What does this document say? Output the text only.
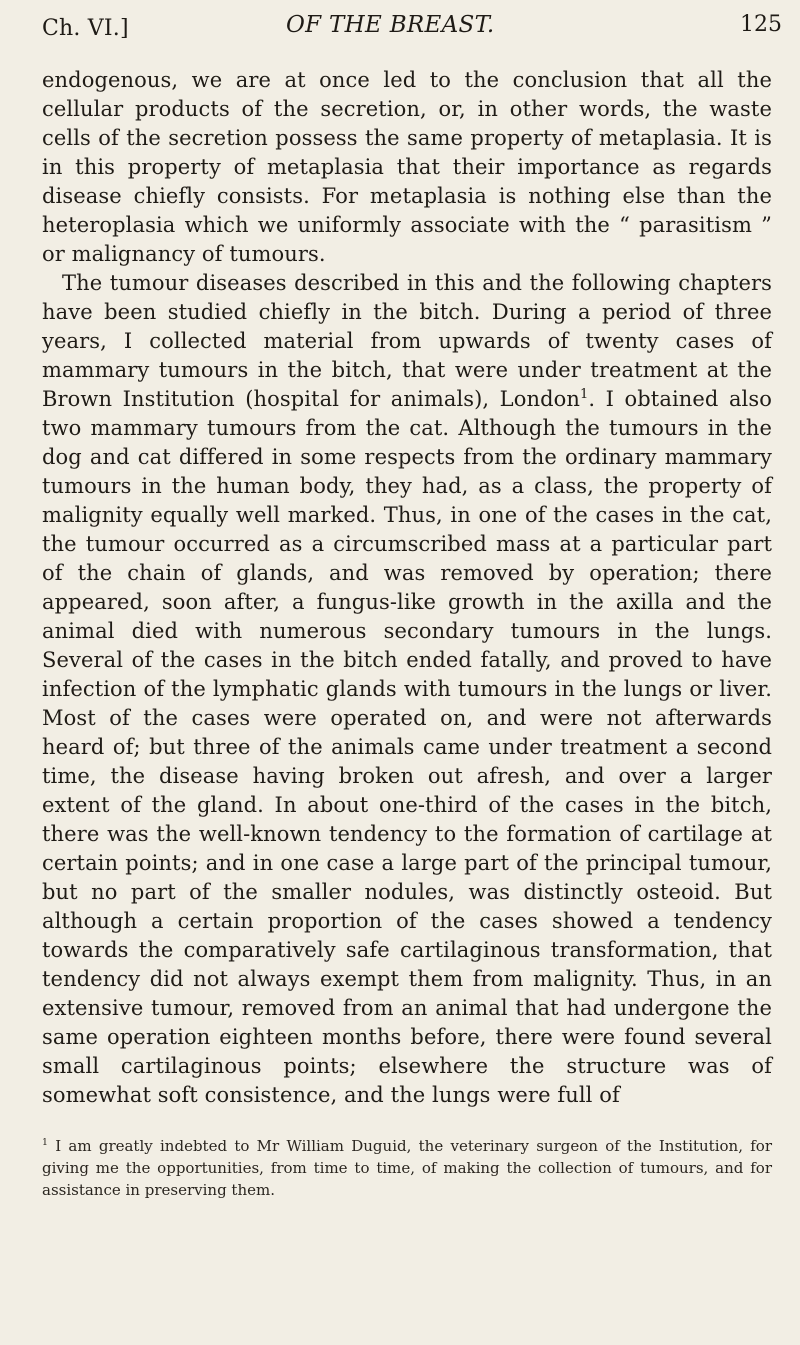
Ch. VI.]	OF THE BREAST.	125

endogenous, we are at once led to the conclusion that all the cellular products of the secretion, or, in other words, the waste cells of the secretion possess the same property of metaplasia. It is in this property of metaplasia that their importance as regards disease chiefly consists. For metaplasia is nothing else than the heteroplasia which we uniformly associate with the “ parasitism ” or malignancy of tumours.

The tumour diseases described in this and the following chapters have been studied chiefly in the bitch. During a period of three years, I collected material from upwards of twenty cases of mammary tumours in the bitch, that were under treatment at the Brown Institution (hospital for animals), London$^1$. I obtained also two mammary tumours from the cat. Although the tumours in the dog and cat differed in some respects from the ordinary mammary tumours in the human body, they had, as a class, the property of malignity equally well marked. Thus, in one of the cases in the cat, the tumour occurred as a circumscribed mass at a particular part of the chain of glands, and was removed by operation; there appeared, soon after, a fungus-like growth in the axilla and the animal died with numerous secondary tumours in the lungs. Several of the cases in the bitch ended fatally, and proved to have infection of the lymphatic glands with tumours in the lungs or liver. Most of the cases were operated on, and were not afterwards heard of; but three of the animals came under treatment a second time, the disease having broken out afresh, and over a larger extent of the gland. In about one-third of the cases in the bitch, there was the well-known tendency to the formation of cartilage at certain points; and in one case a large part of the principal tumour, but no part of the smaller nodules, was distinctly osteoid. But although a certain proportion of the cases showed a tendency towards the comparatively safe cartilaginous transformation, that tendency did not always exempt them from malignity. Thus, in an extensive tumour, removed from an animal that had undergone the same operation eighteen months before, there were found several small cartilaginous points; elsewhere the structure was of somewhat soft consistence, and the lungs were full of

$^1$ I am greatly indebted to Mr William Duguid, the veterinary surgeon of the Institution, for giving me the opportunities, from time to time, of making the collection of tumours, and for assistance in preserving them.
